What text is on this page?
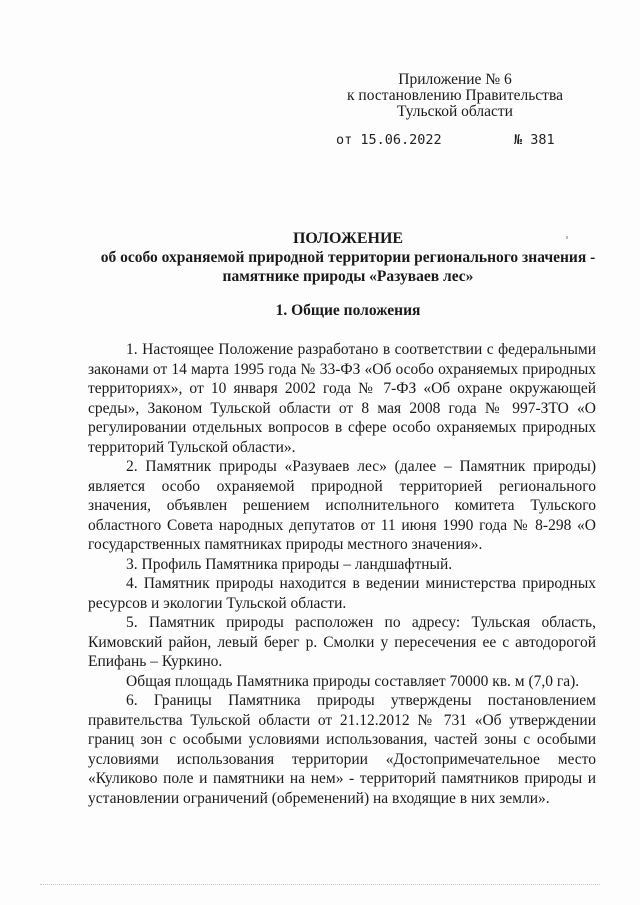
Приложение № 6
к постановлению Правительства
Тульской области
от 15.06.2022	№ 381
ПОЛОЖЕНИЕ
об особо охраняемой природной территории регионального значения -
памятнике природы «Разуваев лес»
1. Общие положения

1. Настоящее Положение разработано в соответствии с федеральными законами от 14 марта 1995 года № 33-ФЗ «Об особо охраняемых природных территориях», от 10 января 2002 года № 7-ФЗ «Об охране окружающей среды», Законом Тульской области от 8 мая 2008 года № 997-ЗТО «О регулировании отдельных вопросов в сфере особо охраняемых природных территорий Тульской области».

2. Памятник природы «Разуваев лес» (далее – Памятник природы) является особо охраняемой природной территорией регионального значения, объявлен решением исполнительного комитета Тульского областного Совета народных депутатов от 11 июня 1990 года № 8-298 «О государственных памятниках природы местного значения».

3. Профиль Памятника природы – ландшафтный.

4. Памятник природы находится в ведении министерства природных ресурсов и экологии Тульской области.

5. Памятник природы расположен по адресу: Тульская область, Кимовский район, левый берег р. Смолки у пересечения ее с автодорогой Епифань – Куркино.

Общая площадь Памятника природы составляет 70000 кв. м (7,0 га).

6. Границы Памятника природы утверждены постановлением правительства Тульской области от 21.12.2012 № 731 «Об утверждении границ зон с особыми условиями использования, частей зоны с особыми условиями использования территории «Достопримечательное место «Куликово поле и памятники на нем» - территорий памятников природы и установлении ограничений (обременений) на входящие в них земли».
